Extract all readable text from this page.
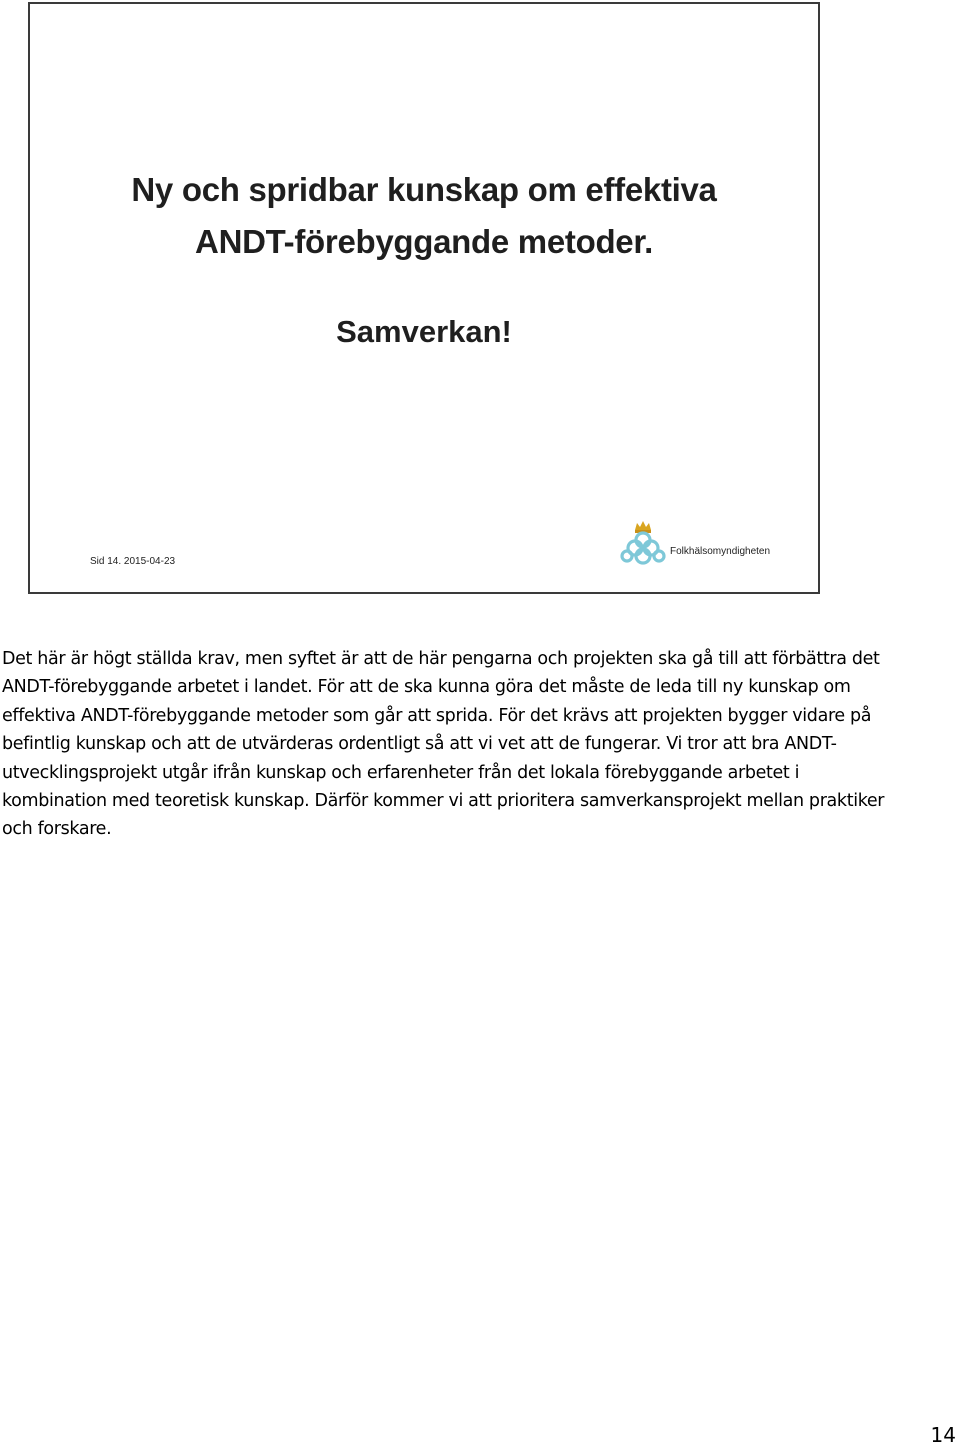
Ny och spridbar kunskap om effektiva
ANDT-förebyggande metoder.
Samverkan!
Sid 14. 2015-04-23
Folkhälsomyndigheten

Det här är högt ställda krav, men syftet är att de här pengarna och projekten ska gå till att förbättra det ANDT-förebyggande arbetet i landet. För att de ska kunna göra det måste de leda till ny kunskap om effektiva ANDT-förebyggande metoder som går att sprida. För det krävs att projekten bygger vidare på befintlig kunskap och att de utvärderas ordentligt så att vi vet att de fungerar. Vi tror att bra ANDT-utvecklingsprojekt utgår ifrån kunskap och erfarenheter från det lokala förebyggande arbetet i kombination med teoretisk kunskap. Därför kommer vi att prioritera samverkansprojekt mellan praktiker och forskare.

14
